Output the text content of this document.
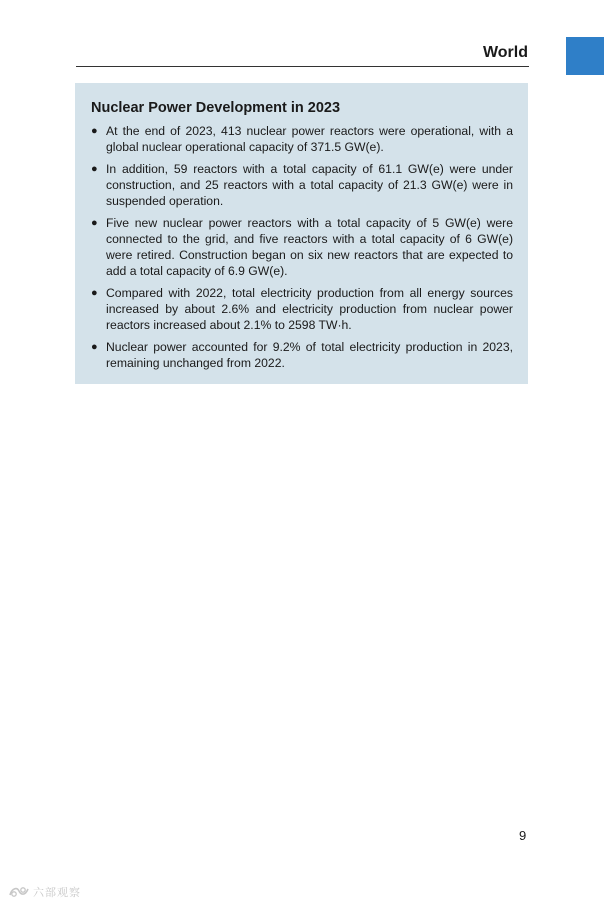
World
Nuclear Power Development in 2023
● At the end of 2023, 413 nuclear power reactors were operational, with a global nuclear operational capacity of 371.5 GW(e).
● In addition, 59 reactors with a total capacity of 61.1 GW(e) were under construction, and 25 reactors with a total capacity of 21.3 GW(e) were in suspended operation.
● Five new nuclear power reactors with a total capacity of 5 GW(e) were connected to the grid, and five reactors with a total capacity of 6 GW(e) were retired. Construction began on six new reactors that are expected to add a total capacity of 6.9 GW(e).
● Compared with 2022, total electricity production from all energy sources increased by about 2.6% and electricity production from nuclear power reactors increased about 2.1% to 2598 TW·h.
● Nuclear power accounted for 9.2% of total electricity production in 2023, remaining unchanged from 2022.
9
六部观察
